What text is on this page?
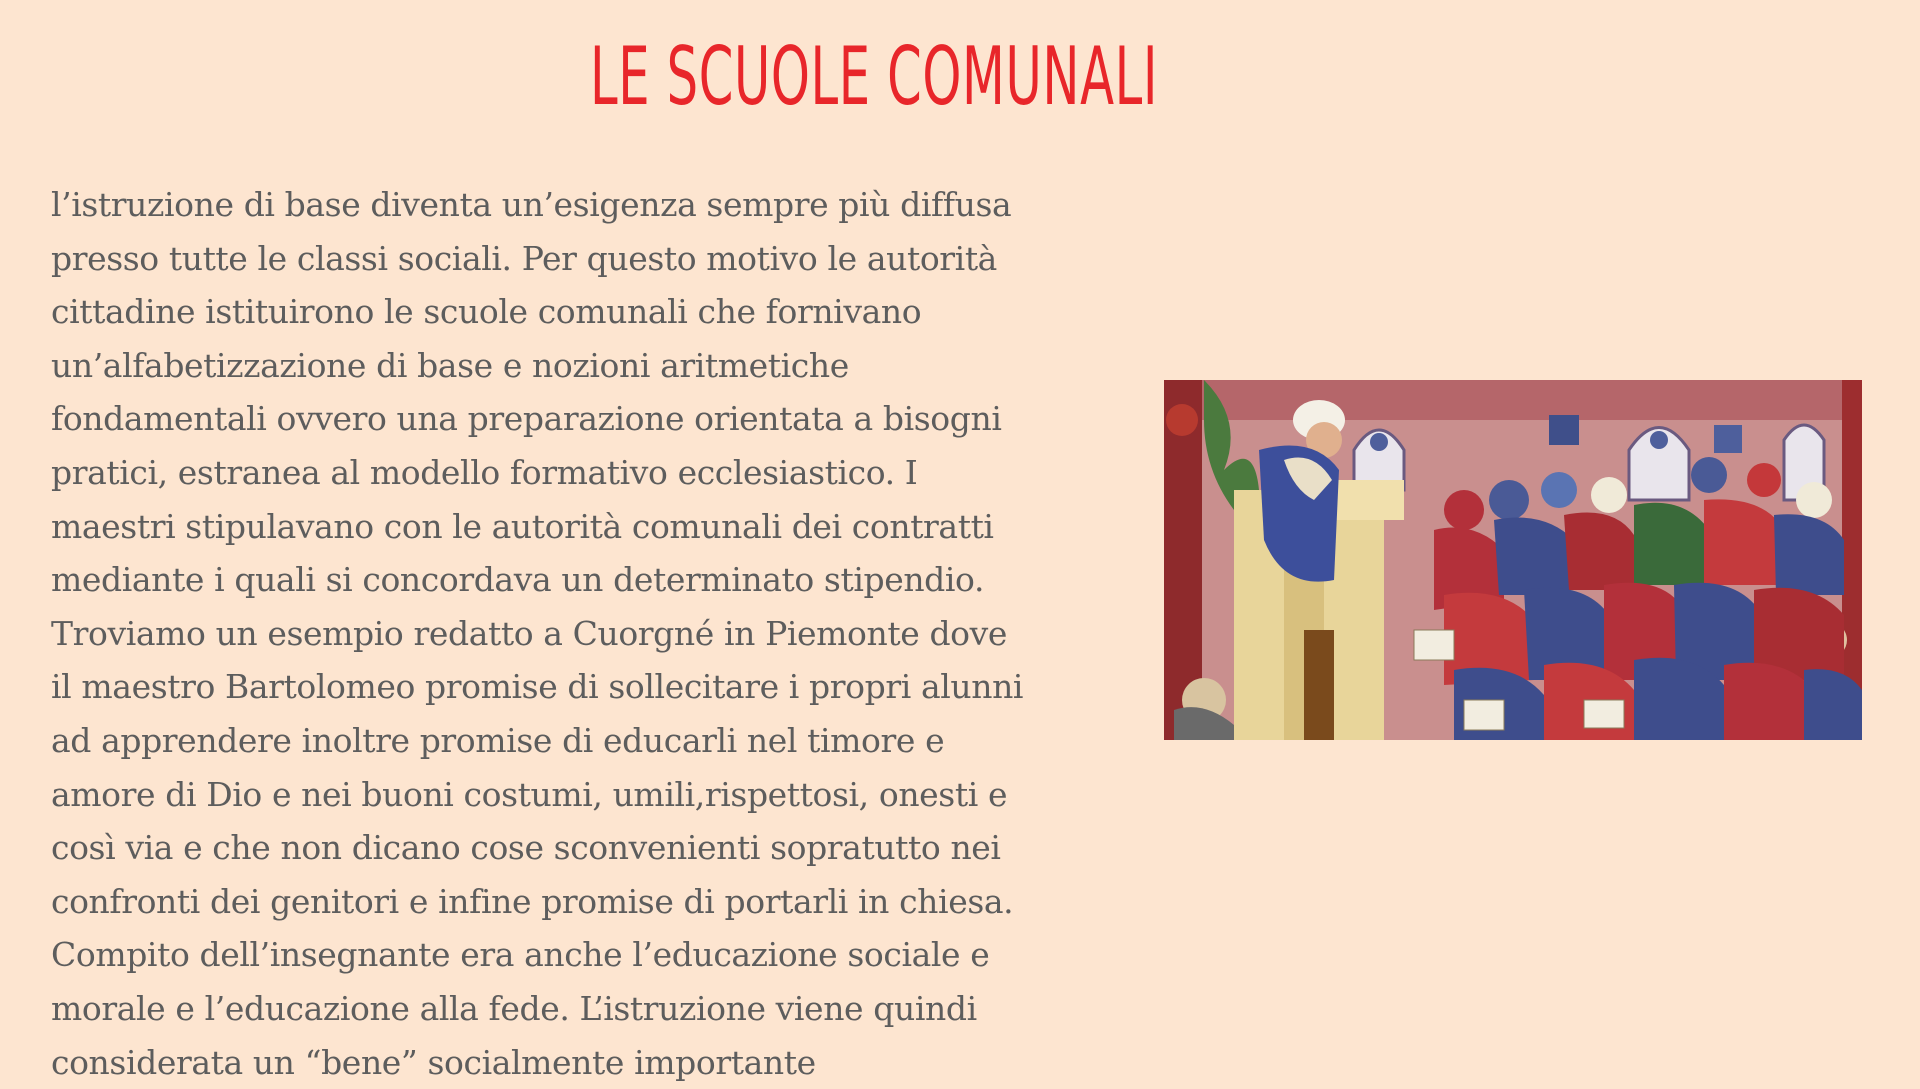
LE SCUOLE COMUNALI
l’istruzione di base diventa un’esigenza sempre più diffusa
presso tutte le classi sociali. Per questo motivo le autorità
cittadine istituirono le scuole comunali che fornivano
un’alfabetizzazione di base e nozioni aritmetiche
fondamentali ovvero una preparazione orientata a bisogni
pratici, estranea al modello formativo ecclesiastico. I
maestri stipulavano con le autorità comunali dei contratti
mediante i quali si concordava un determinato stipendio.
Troviamo un esempio redatto a Cuorgné in Piemonte dove
il maestro Bartolomeo promise di sollecitare i propri alunni
ad apprendere inoltre promise di educarli nel timore e
amore di Dio e nei buoni costumi, umili,rispettosi, onesti e
così via e che non dicano cose sconvenienti sopratutto nei
confronti dei genitori e infine promise di portarli in chiesa.
Compito dell’insegnante era anche l’educazione sociale e
morale e l’educazione alla fede. L’istruzione viene quindi
considerata un “bene” socialmente importante
